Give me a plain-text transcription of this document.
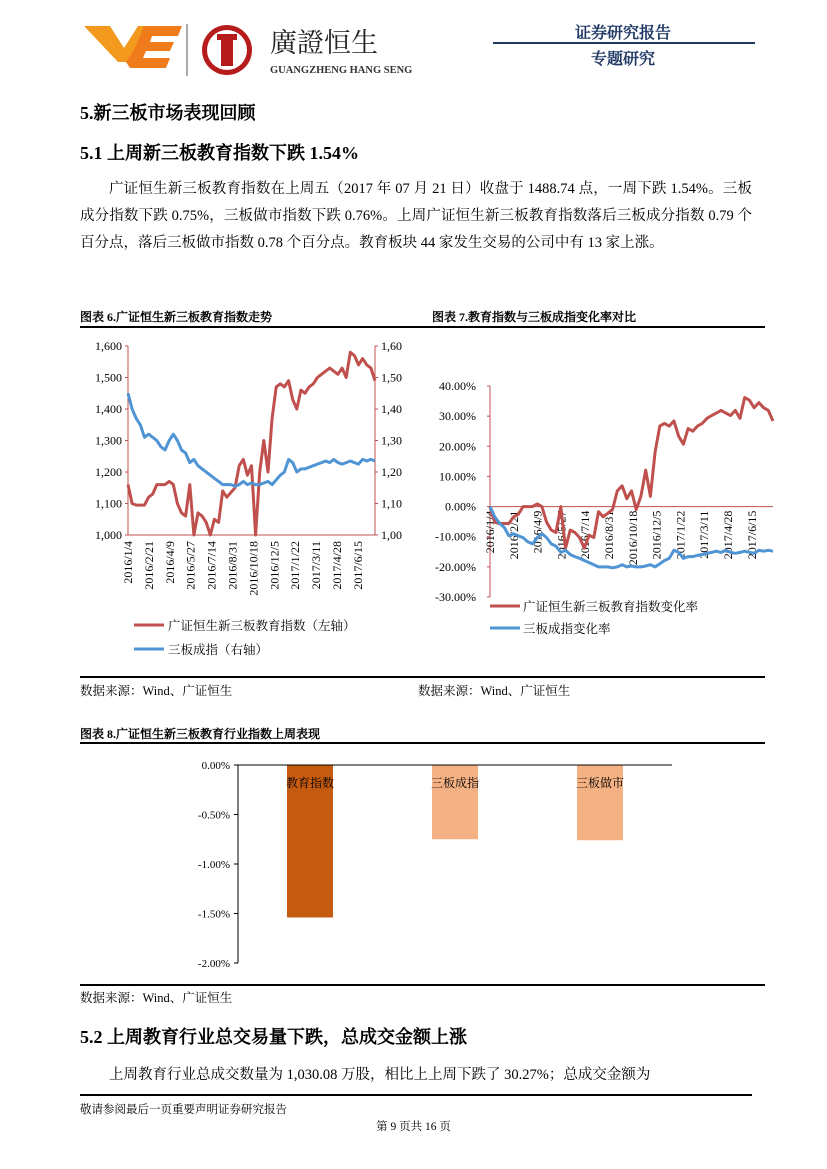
廣證恒生
GUANGZHENG HANG SENG
证券研究报告
专题研究
5.新三板市场表现回顾
5.1 上周新三板教育指数下跌 1.54%
广证恒生新三板教育指数在上周五（2017 年 07 月 21 日）收盘于 1488.74 点，一周下跌 1.54%。三板成分指数下跌 0.75%，三板做市指数下跌 0.76%。上周广证恒生新三板教育指数落后三板成分指数 0.79 个百分点，落后三板做市指数 0.78 个百分点。教育板块 44 家发生交易的公司中有 13 家上涨。
图表 6.广证恒生新三板教育指数走势	图表 7.教育指数与三板成指变化率对比
1,000	1,00
1,100	1,10
1,200	1,20
1,300	1,30
1,400	1,40
1,500	1,50
1,600	1,60
2016/1/4 2016/2/21 2016/4/9 2016/5/27 2016/7/14 2016/8/31 2016/10/18 2016/12/5 2017/1/22 2017/3/11 2017/4/28 2017/6/15
广证恒生新三板教育指数（左轴）
三板成指（右轴）
-30.00%
-20.00%
-10.00%
0.00%
10.00%
20.00%
30.00%
40.00%
2016/1/4 2016/2/21 2016/4/9 2016/5/27 2016/7/14 2016/8/31 2016/10/18 2016/12/5 2017/1/22 2017/3/11 2017/4/28 2017/6/15
广证恒生新三板教育指数变化率
三板成指变化率
数据来源：Wind、广证恒生	数据来源：Wind、广证恒生
图表 8.广证恒生新三板教育行业指数上周表现
0.00%
-0.50%
-1.00%
-1.50%
-2.00%
教育指数	三板成指	三板做市
数据来源：Wind、广证恒生
5.2 上周教育行业总交易量下跌，总成交金额上涨
上周教育行业总成交数量为 1,030.08 万股，相比上上周下跌了 30.27%；总成交金额为
敬请参阅最后一页重要声明证券研究报告
第 9 页共 16 页
